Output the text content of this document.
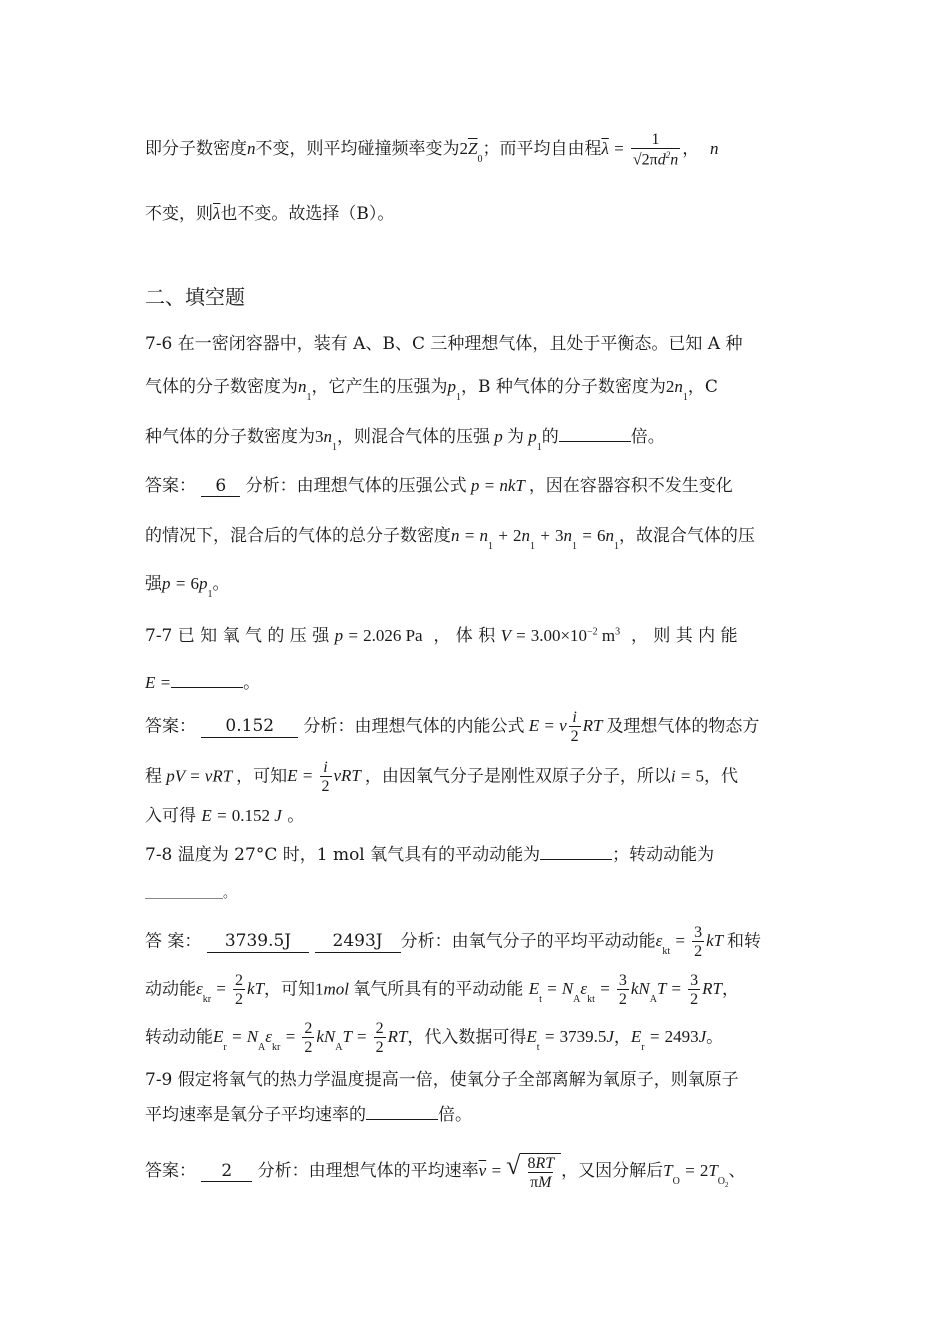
即分子数密度n不变，则平均碰撞频率变为$2\overline{Z}_0$；而平均自由程$\overline{\lambda} = \frac{1}{√2\pi d^2n}$ ， n
不变，则$\overline{\lambda}$也不变。故选择（B）。
二、填空题
7-6 在一密闭容器中，装有 A、B、C 三种理想气体，且处于平衡态。已知 A 种
气体的分子数密度为$n_1$，它产生的压强为$p_1$，B 种气体的分子数密度为$2n_1$，C
种气体的分子数密度为$3n_1$，则混合气体的压强 p 为 $p_1$的	倍。
答案： 6 分析：由理想气体的压强公式 p = nkT ，因在容器容积不发生变化
的情况下，混合后的气体的总分子数密度$n = n_1 + 2n_1 + 3n_1 = 6n_1$，故混合气体的压
强$p = 6p_1$。
7-7 已 知 氧 气 的 压 强 p = 2.026 Pa ， 体 积 $V = 3.00\times 10^{-2}$ $m^3$ ， 则 其 内 能
E =	。
答案： 0.152 分析：由理想气体的内能公式 E = ν $\frac{i}{2}$ RT 及理想气体的物态方
程 pV = νRT ，可知$E = \frac{i}{2}$ νRT ，由因氧气分子是刚性双原子分子，所以i = 5，代
入可得 E = 0.152 J 。
7-8 温度为 27°C 时，1 mol 氧气具有的平动动能为	；转动动能为
＿＿＿＿＿＿。
答 案： 3739.5J 2493J 分析：由氧气分子的平均平动动能$\varepsilon_{kt} = \frac{3}{2}$ kT 和转
动动能$\varepsilon_{kr} = \frac{2}{2}$ kT，可知1mol 氧气所具有的平动动能 $E_t = N_A\varepsilon_{kt} = \frac{3}{2} kN_AT = \frac{3}{2}$ RT，
转动动能$E_r = N_A\varepsilon_{kr} = \frac{2}{2} kN_AT = \frac{2}{2}$ RT，代入数据可得$E_t = 3739.5J$，$E_r = 2493J$。
7-9 假定将氧气的热力学温度提高一倍，使氧分子全部离解为氧原子，则氧原子
平均速率是氧分子平均速率的	倍。
答案： 2 分析：由理想气体的平均速率$\overline{v}$ = √ $\frac{8RT}{\pi M}$ ，又因分解后$T_O = 2T_{O_2}$、
